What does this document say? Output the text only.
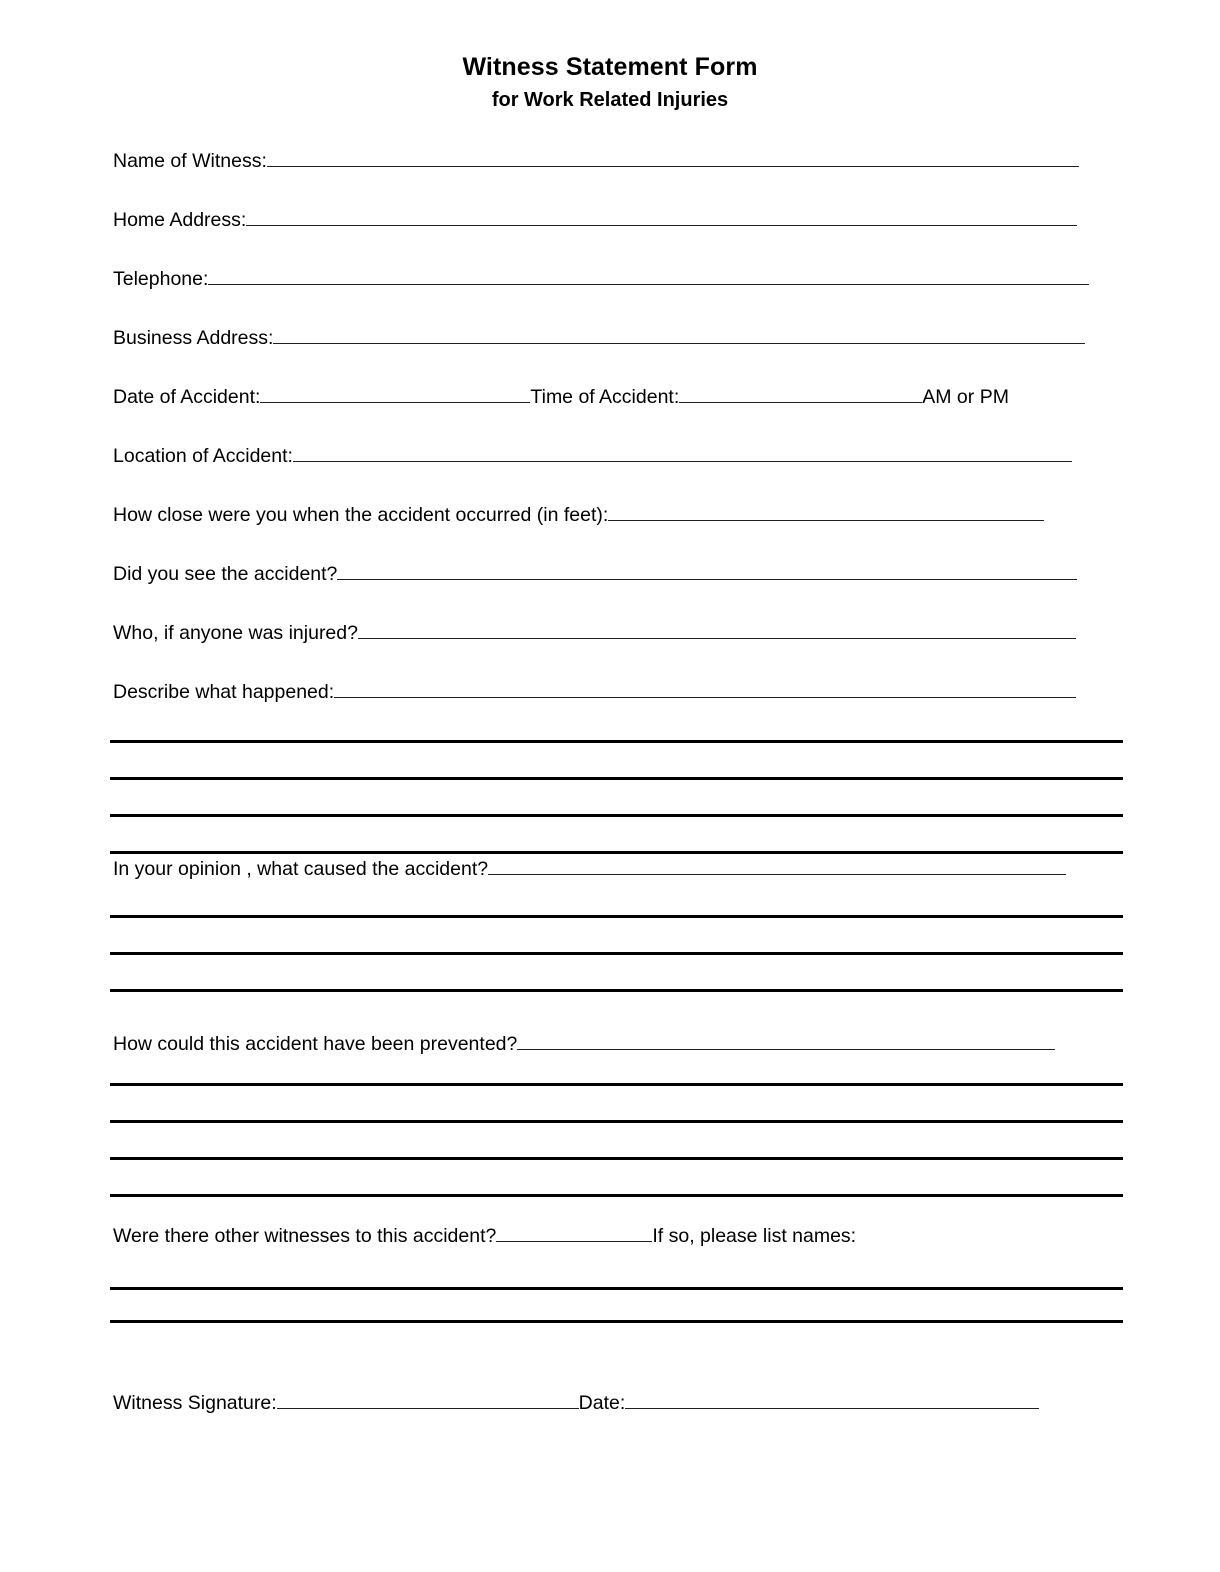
Witness Statement Form
for Work Related Injuries
Name of Witness:
Home Address:
Telephone:
Business Address:
Date of Accident:	Time of Accident:	AM or PM
Location of Accident:
How close were you when the accident occurred (in feet):
Did you see the accident?
Who, if anyone was injured?
Describe what happened:
In your opinion , what caused the accident?
How could this accident have been prevented?
Were there other witnesses to this accident?	If so, please list names:
Witness Signature:	Date:
